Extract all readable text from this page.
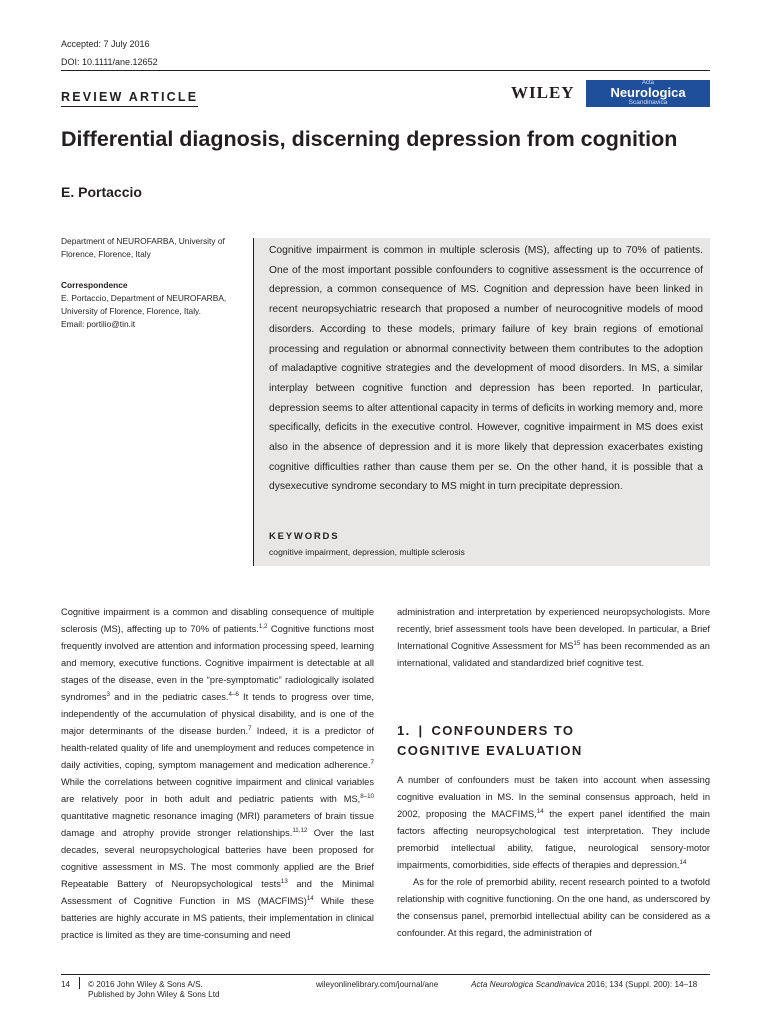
Accepted: 7 July 2016
DOI: 10.1111/ane.12652
REVIEW ARTICLE	WILEY	Acta
Neurologica
Scandinavica
Differential diagnosis, discerning depression from cognition
E. Portaccio
Department of NEUROFARBA, University of Florence, Florence, Italy
Correspondence
E. Portaccio, Department of NEUROFARBA, University of Florence, Florence, Italy.
Email: portilio@tin.it
Cognitive impairment is common in multiple sclerosis (MS), affecting up to 70% of patients. One of the most important possible confounders to cognitive assessment is the occurrence of depression, a common consequence of MS. Cognition and depression have been linked in recent neuropsychiatric research that proposed a number of neurocognitive models of mood disorders. According to these models, primary failure of key brain regions of emotional processing and regulation or abnormal connectivity between them contributes to the adoption of maladaptive cognitive strategies and the development of mood disorders. In MS, a similar interplay between cognitive function and depression has been reported. In particular, depression seems to alter attentional capacity in terms of deficits in working memory and, more specifically, deficits in the executive control. However, cognitive impairment in MS does exist also in the absence of depression and it is more likely that depression exacerbates existing cognitive difficulties rather than cause them per se. On the other hand, it is possible that a dysexecutive syndrome secondary to MS might in turn precipitate depression.
KEYWORDS
cognitive impairment, depression, multiple sclerosis

Cognitive impairment is a common and disabling consequence of multiple sclerosis (MS), affecting up to 70% of patients.$^{1,2}$ Cognitive functions most frequently involved are attention and information processing speed, learning and memory, executive functions. Cognitive impairment is detectable at all stages of the disease, even in the “pre-symptomatic” radiologically isolated syndromes$^3$ and in the pediatric cases.$^{4-6}$ It tends to progress over time, independently of the accumulation of physical disability, and is one of the major determinants of the disease burden.$^7$ Indeed, it is a predictor of health-related quality of life and unemployment and reduces competence in daily activities, coping, symptom management and medication adherence.$^7$ While the correlations between cognitive impairment and clinical variables are relatively poor in both adult and pediatric patients with MS,$^{8-10}$ quantitative magnetic resonance imaging (MRI) parameters of brain tissue damage and atrophy provide stronger relationships.$^{11,12}$ Over the last decades, several neuropsychological batteries have been proposed for cognitive assessment in MS. The most commonly applied are the Brief Repeatable Battery of Neuropsychological tests$^{13}$ and the Minimal Assessment of Cognitive Function in MS (MACFIMS)$^{14}$ While these batteries are highly accurate in MS patients, their implementation in clinical practice is limited as they are time-consuming and need

administration and interpretation by experienced neuropsychologists. More recently, brief assessment tools have been developed. In particular, a Brief International Cognitive Assessment for MS$^{15}$ has been recommended as an international, validated and standardized brief cognitive test.

1. | CONFOUNDERS TO COGNITIVE EVALUATION

A number of confounders must be taken into account when assessing cognitive evaluation in MS. In the seminal consensus approach, held in 2002, proposing the MACFIMS,$^{14}$ the expert panel identified the main factors affecting neuropsychological test interpretation. They include premorbid intellectual ability, fatigue, neurological sensory-motor impairments, comorbidities, side effects of therapies and depression.$^{14}$

As for the role of premorbid ability, recent research pointed to a twofold relationship with cognitive functioning. On the one hand, as underscored by the consensus panel, premorbid intellectual ability can be considered as a confounder. At this regard, the administration of

14 © 2016 John Wiley & Sons A/S.
Published by John Wiley & Sons Ltd
wileyonlinelibrary.com/journal/ane	Acta Neurologica Scandinavica 2016; 134 (Suppl. 200): 14–18
